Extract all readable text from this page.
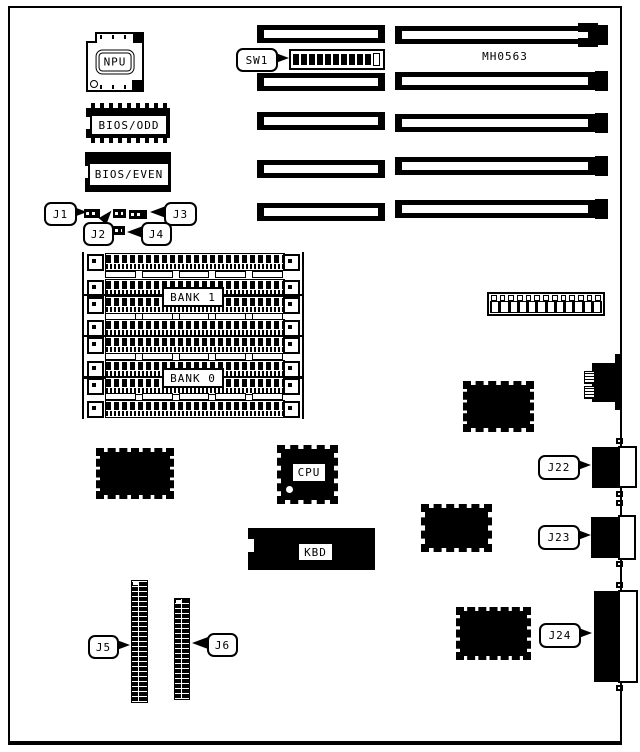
NPU
BIOS/ODD
BIOS/EVEN
J1
J2
J3
J4
SW1	MH0563
BANK 1
BANK 0
CPU
KBD
J5	J6
J22
J23
J24
